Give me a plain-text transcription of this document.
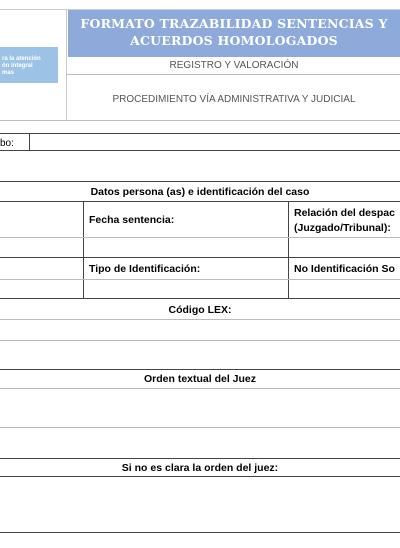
ra la atención
ón integral
mas
FORMATO TRAZABILIDAD SENTENCIAS Y
ACUERDOS HOMOLOGADOS
REGISTRO Y VALORACIÓN
PROCEDIMIENTO VÍA ADMINISTRATIVA Y JUDICIAL
bo:
Datos persona (as) e identificación del caso
Fecha sentencia:
Relación del despac
(Juzgado/Tribunal):
Tipo de Identificación:	No Identificación So
Código LEX:
Orden textual del Juez
Si no es clara la orden del juez:
